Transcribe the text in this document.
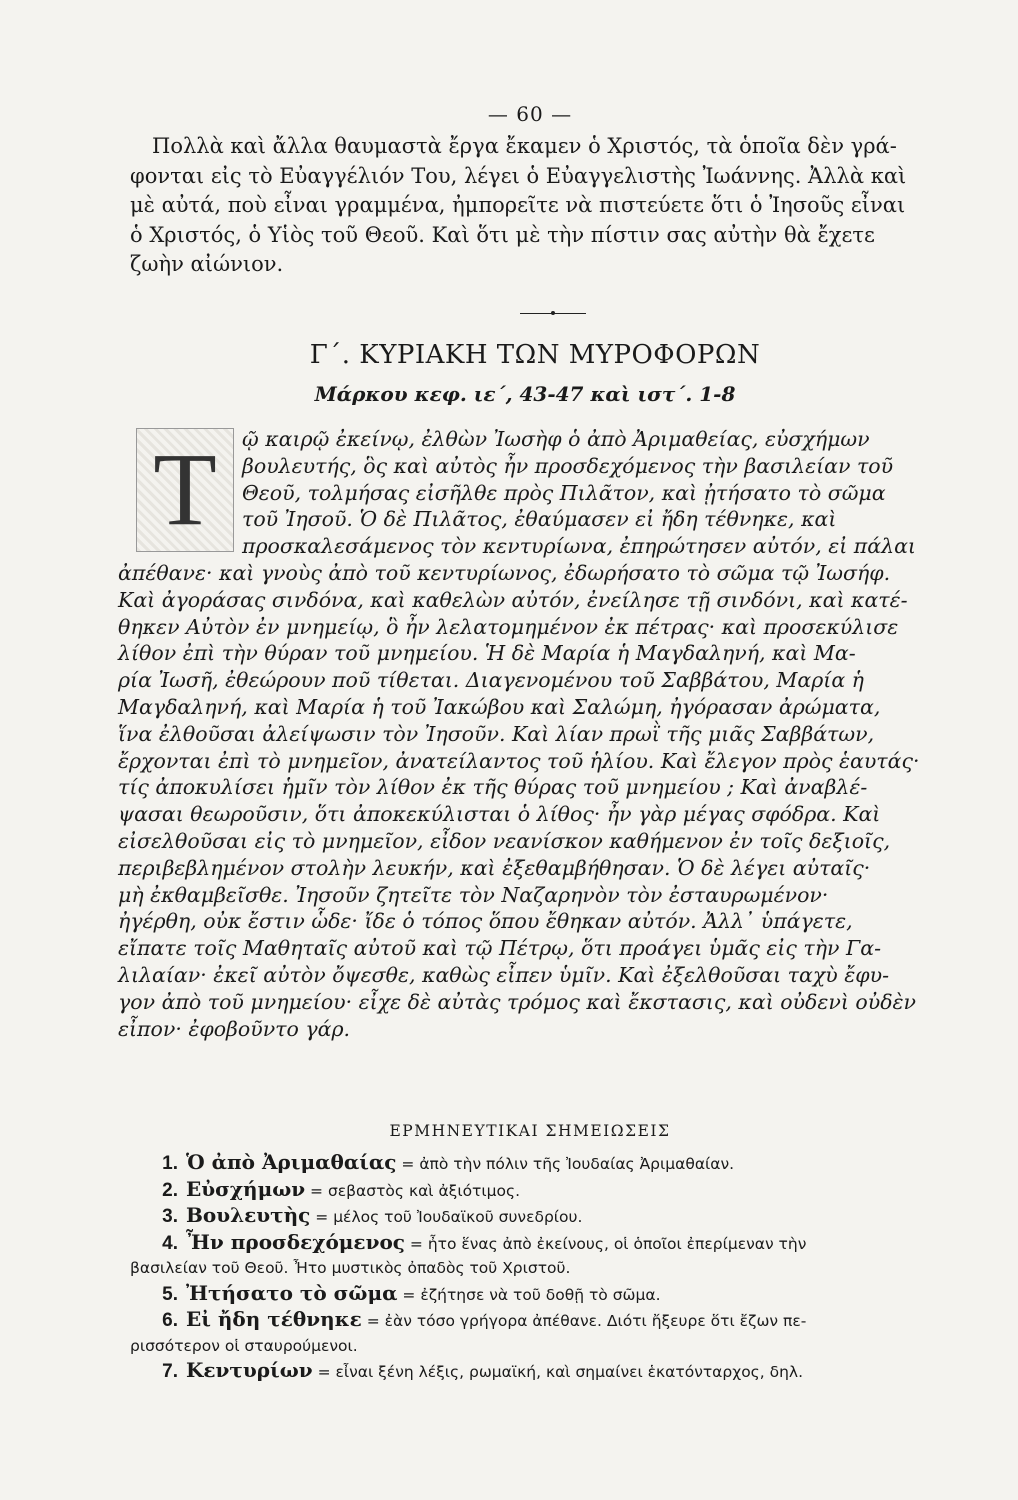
— 60 —
Πολλὰ καὶ ἄλλα θαυμαστὰ ἔργα ἔκαμεν ὁ Χριστός, τὰ ὁποῖα δὲν γρά-
φονται εἰς τὸ Εὐαγγέλιόν Του, λέγει ὁ Εὐαγγελιστὴς Ἰωάννης. Ἀλλὰ καὶ
μὲ αὐτά, ποὺ εἶναι γραμμένα, ἠμπορεῖτε νὰ πιστεύετε ὅτι ὁ Ἰησοῦς εἶναι
ὁ Χριστός, ὁ Υἱὸς τοῦ Θεοῦ. Καὶ ὅτι μὲ τὴν πίστιν σας αὐτὴν θὰ ἔχετε
ζωὴν αἰώνιον.
Γ΄. ΚΥΡΙΑΚΗ ΤΩΝ ΜΥΡΟΦΟΡΩΝ
Μάρκου κεφ. ιε΄, 43-47 καὶ ιστ΄. 1-8
T	ῷ καιρῷ ἐκείνῳ, ἐλθὼν Ἰωσὴφ ὁ ἀπὸ Ἀριμαθείας, εὐσχήμων
βουλευτής, ὃς καὶ αὐτὸς ἦν προσδεχόμενος τὴν βασιλείαν τοῦ
Θεοῦ, τολμήσας εἰσῆλθε πρὸς Πιλᾶτον, καὶ ᾐτήσατο τὸ σῶμα
τοῦ Ἰησοῦ. Ὁ δὲ Πιλᾶτος, ἐθαύμασεν εἰ ἤδη τέθνηκε, καὶ
προσκαλεσάμενος τὸν κεντυρίωνα, ἐπηρώτησεν αὐτόν, εἰ πάλαι
ἀπέθανε· καὶ γνοὺς ἀπὸ τοῦ κεντυρίωνος, ἐδωρήσατο τὸ σῶμα τῷ Ἰωσήφ.
Καὶ ἀγοράσας σινδόνα, καὶ καθελὼν αὐτόν, ἐνείλησε τῇ σινδόνι, καὶ κατέ-
θηκεν Αὐτὸν ἐν μνημείῳ, ὃ ἦν λελατομημένον ἐκ πέτρας· καὶ προσεκύλισε
λίθον ἐπὶ τὴν θύραν τοῦ μνημείου. Ἡ δὲ Μαρία ἡ Μαγδαληνή, καὶ Μα-
ρία Ἰωσῆ, ἐθεώρουν ποῦ τίθεται. Διαγενομένου τοῦ Σαββάτου, Μαρία ἡ
Μαγδαληνή, καὶ Μαρία ἡ τοῦ Ἰακώβου καὶ Σαλώμη, ἠγόρασαν ἀρώματα,
ἵνα ἐλθοῦσαι ἀλείψωσιν τὸν Ἰησοῦν. Καὶ λίαν πρωῒ τῆς μιᾶς Σαββάτων,
ἔρχονται ἐπὶ τὸ μνημεῖον, ἀνατείλαντος τοῦ ἡλίου. Καὶ ἔλεγον πρὸς ἑαυτάς·
τίς ἀποκυλίσει ἡμῖν τὸν λίθον ἐκ τῆς θύρας τοῦ μνημείου ; Καὶ ἀναβλέ-
ψασαι θεωροῦσιν, ὅτι ἀποκεκύλισται ὁ λίθος· ἦν γὰρ μέγας σφόδρα. Καὶ
εἰσελθοῦσαι εἰς τὸ μνημεῖον, εἶδον νεανίσκον καθήμενον ἐν τοῖς δεξιοῖς,
περιβεβλημένον στολὴν λευκήν, καὶ ἐξεθαμβήθησαν. Ὁ δὲ λέγει αὐταῖς·
μὴ ἐκθαμβεῖσθε. Ἰησοῦν ζητεῖτε τὸν Ναζαρηνὸν τὸν ἐσταυρωμένον·
ἠγέρθη, οὐκ ἔστιν ὧδε· ἴδε ὁ τόπος ὅπου ἔθηκαν αὐτόν. Ἀλλ᾽ ὑπάγετε,
εἴπατε τοῖς Μαθηταῖς αὐτοῦ καὶ τῷ Πέτρῳ, ὅτι προάγει ὑμᾶς εἰς τὴν Γα-
λιλαίαν· ἐκεῖ αὐτὸν ὄψεσθε, καθὼς εἶπεν ὑμῖν. Καὶ ἐξελθοῦσαι ταχὺ ἔφυ-
γον ἀπὸ τοῦ μνημείου· εἶχε δὲ αὐτὰς τρόμος καὶ ἔκστασις, καὶ οὐδενὶ οὐδὲν
εἶπον· ἐφοβοῦντο γάρ.
ΕΡΜΗΝΕΥΤΙΚΑΙ ΣΗΜΕΙΩΣΕΙΣ
1. Ὁ ἀπὸ Ἀριμαθαίας = ἀπὸ τὴν πόλιν τῆς Ἰουδαίας Ἀριμαθαίαν.
2. Εὐσχήμων = σεβαστὸς καὶ ἀξιότιμος.
3. Βουλευτὴς = μέλος τοῦ Ἰουδαϊκοῦ συνεδρίου.
4. Ἦν προσδεχόμενος = ἦτο ἕνας ἀπὸ ἐκείνους, οἱ ὁποῖοι ἐπερίμεναν τὴν
βασιλείαν τοῦ Θεοῦ. Ἦτο μυστικὸς ὀπαδὸς τοῦ Χριστοῦ.
5. Ἠτήσατο τὸ σῶμα = ἐζήτησε νὰ τοῦ δοθῇ τὸ σῶμα.
6. Εἰ ἤδη τέθνηκε = ἐὰν τόσο γρήγορα ἀπέθανε. Διότι ἤξευρε ὅτι ἔζων πε-
ρισσότερον οἱ σταυρούμενοι.
7. Κεντυρίων = εἶναι ξένη λέξις, ρωμαϊκή, καὶ σημαίνει ἑκατόνταρχος, δηλ.
